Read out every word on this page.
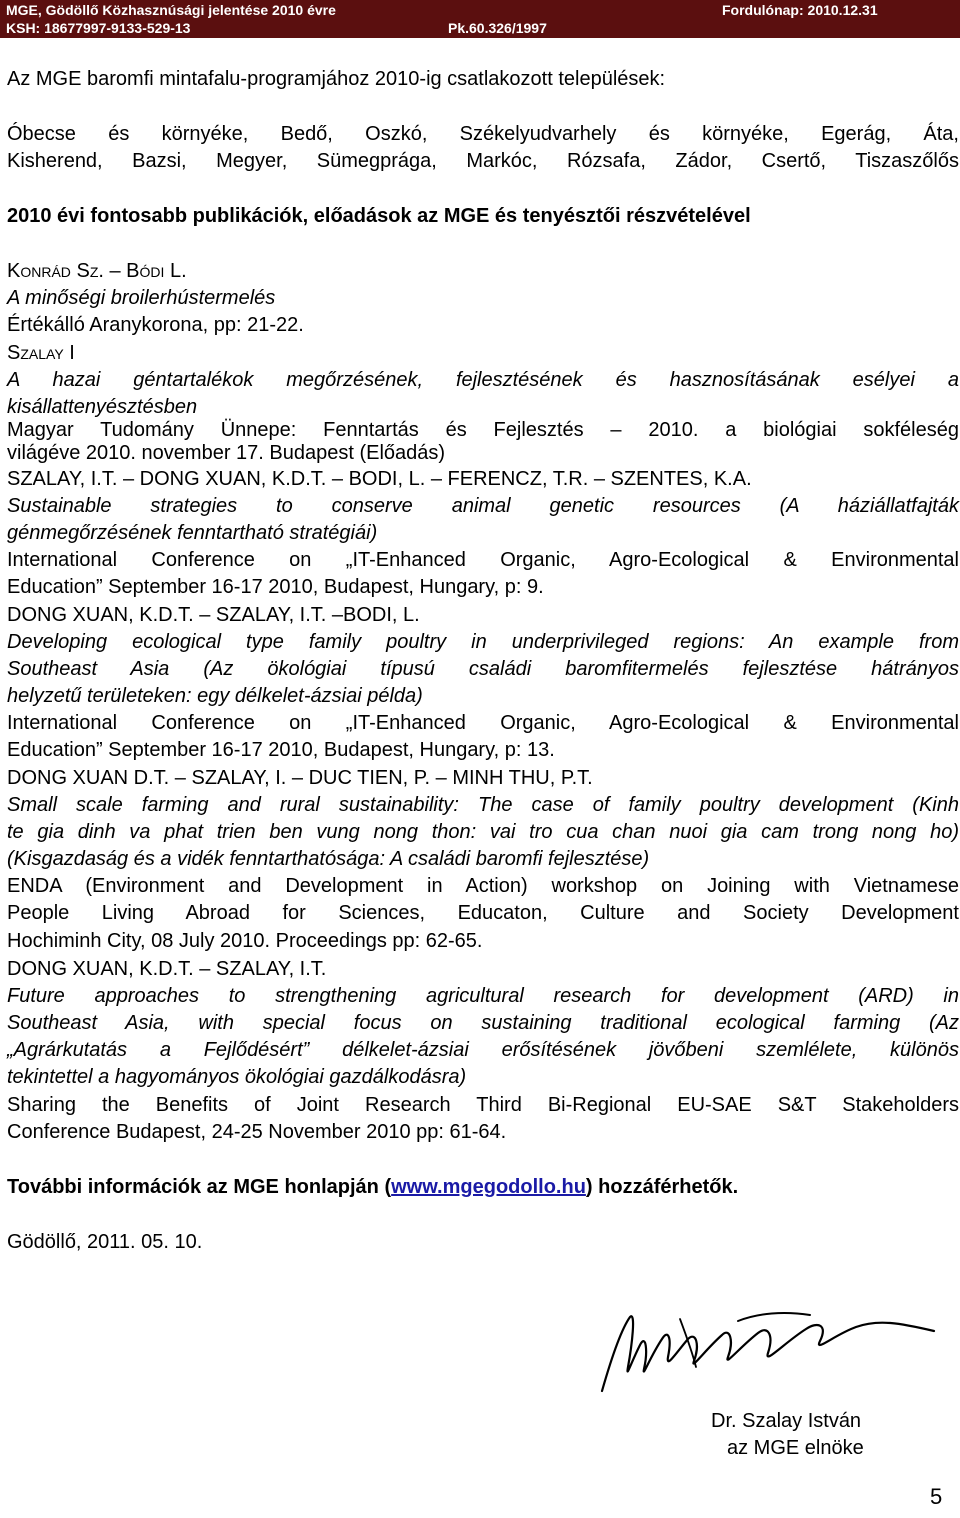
MGE, Gödöllő Közhasznúsági jelentése 2010 évre	Fordulónap: 2010.12.31
KSH: 18677997-9133-529-13	Pk.60.326/1997
Az MGE baromfi mintafalu-programjához 2010-ig csatlakozott települések:
Óbecse és környéke, Bedő, Oszkó, Székelyudvarhely és környéke, Egerág, Áta,
Kisherend, Bazsi, Megyer, Sümegprága, Markóc, Rózsafa, Zádor, Csertő, Tiszaszőlős
2010 évi fontosabb publikációk, előadások az MGE és tenyésztői részvételével
KONRÁD SZ. – BÓDI L.
A minőségi broilerhústermelés
Értékálló Aranykorona, pp: 21-22.
SZALAY I
A hazai géntartalékok megőrzésének, fejlesztésének és hasznosításának esélyei a
kisállattenyésztésben
Magyar Tudomány Ünnepe: Fenntartás és Fejlesztés – 2010. a biológiai sokféleség
világéve 2010. november 17. Budapest (Előadás)
SZALAY, I.T. – DONG XUAN, K.D.T. – BODI, L. – FERENCZ, T.R. – SZENTES, K.A.
Sustainable strategies to conserve animal genetic resources (A háziállatfajták
génmegőrzésének fenntartható stratégiái)
International Conference on „IT-Enhanced Organic, Agro-Ecological & Environmental
Education” September 16-17 2010, Budapest, Hungary, p: 9.
DONG XUAN, K.D.T. – SZALAY, I.T. –BODI, L.
Developing ecological type family poultry in underprivileged regions: An example from
Southeast Asia (Az ökológiai típusú családi baromfitermelés fejlesztése hátrányos
helyzetű területeken: egy délkelet-ázsiai példa)
International Conference on „IT-Enhanced Organic, Agro-Ecological & Environmental
Education” September 16-17 2010, Budapest, Hungary, p: 13.
DONG XUAN D.T. – SZALAY, I. – DUC TIEN, P. – MINH THU, P.T.
Small scale farming and rural sustainability: The case of family poultry development (Kinh
te gia dinh va phat trien ben vung nong thon: vai tro cua chan nuoi gia cam trong nong ho)
(Kisgazdaság és a vidék fenntarthatósága: A családi baromfi fejlesztése)
ENDA (Environment and Development in Action) workshop on Joining with Vietnamese
People Living Abroad for Sciences, Educaton, Culture and Society Development
Hochiminh City, 08 July 2010. Proceedings pp: 62-65.
DONG XUAN, K.D.T. – SZALAY, I.T.
Future approaches to strengthening agricultural research for development (ARD) in
Southeast Asia, with special focus on sustaining traditional ecological farming (Az
„Agrárkutatás a Fejlődésért” délkelet-ázsiai erősítésének jövőbeni szemlélete, különös
tekintettel a hagyományos ökológiai gazdálkodásra)
Sharing the Benefits of Joint Research Third Bi-Regional EU-SAE S&T Stakeholders
Conference Budapest, 24-25 November 2010 pp: 61-64.
További információk az MGE honlapján (www.mgegodollo.hu) hozzáférhetők.
Gödöllő, 2011. 05. 10.
Dr. Szalay István
az MGE elnöke
5
